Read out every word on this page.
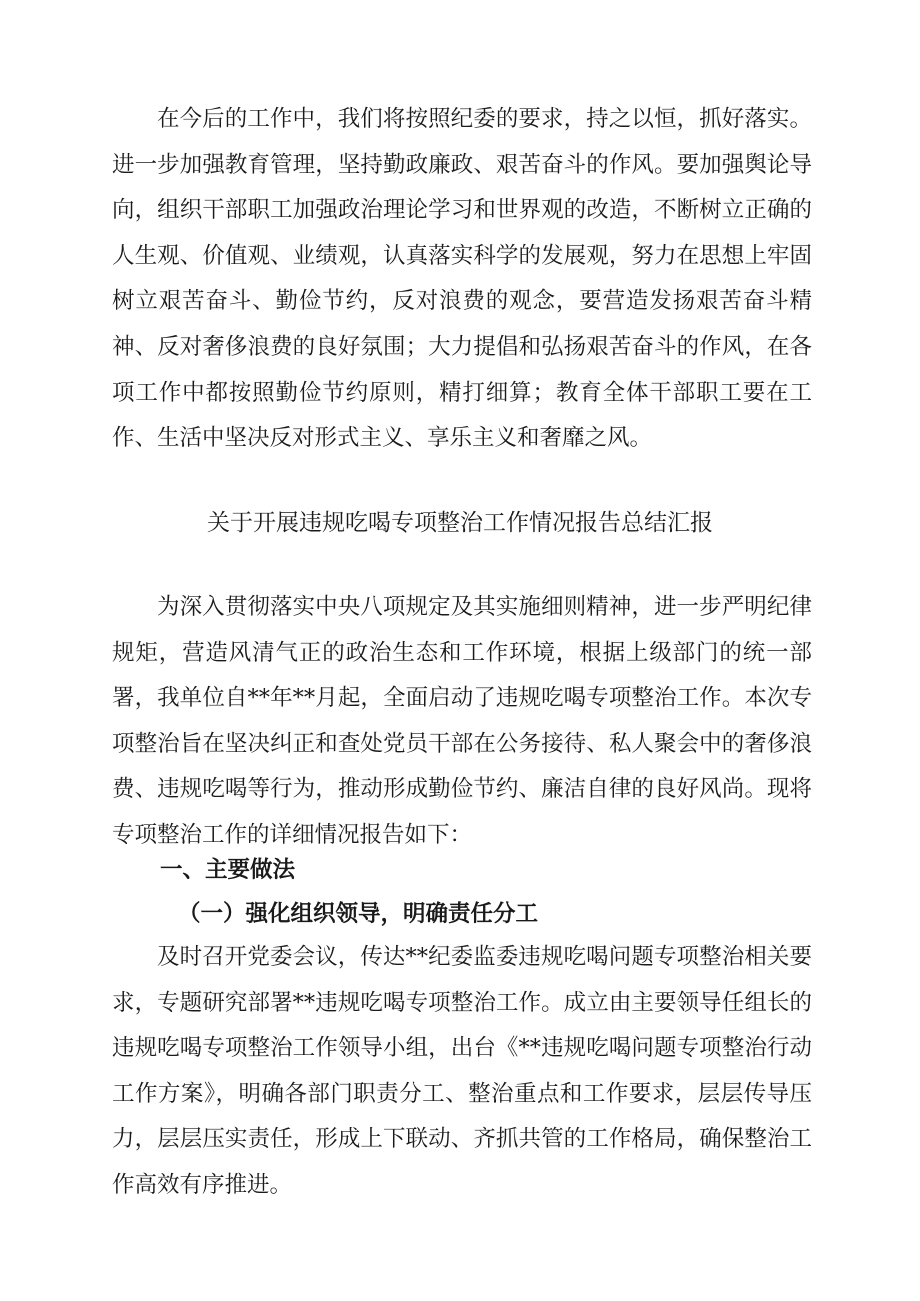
在今后的工作中，我们将按照纪委的要求，持之以恒，抓好落实。进一步加强教育管理，坚持勤政廉政、艰苦奋斗的作风。要加强舆论导向，组织干部职工加强政治理论学习和世界观的改造，不断树立正确的人生观、价值观、业绩观，认真落实科学的发展观，努力在思想上牢固树立艰苦奋斗、勤俭节约，反对浪费的观念，要营造发扬艰苦奋斗精神、反对奢侈浪费的良好氛围；大力提倡和弘扬艰苦奋斗的作风，在各项工作中都按照勤俭节约原则，精打细算；教育全体干部职工要在工作、生活中坚决反对形式主义、享乐主义和奢靡之风。

关于开展违规吃喝专项整治工作情况报告总结汇报

为深入贯彻落实中央八项规定及其实施细则精神，进一步严明纪律规矩，营造风清气正的政治生态和工作环境，根据上级部门的统一部署，我单位自**年**月起，全面启动了违规吃喝专项整治工作。本次专项整治旨在坚决纠正和查处党员干部在公务接待、私人聚会中的奢侈浪费、违规吃喝等行为，推动形成勤俭节约、廉洁自律的良好风尚。现将专项整治工作的详细情况报告如下：

一、主要做法
（一）强化组织领导，明确责任分工

及时召开党委会议，传达**纪委监委违规吃喝问题专项整治相关要求，专题研究部署**违规吃喝专项整治工作。成立由主要领导任组长的违规吃喝专项整治工作领导小组，出台《**违规吃喝问题专项整治行动工作方案》，明确各部门职责分工、整治重点和工作要求，层层传导压力，层层压实责任，形成上下联动、齐抓共管的工作格局，确保整治工作高效有序推进。
